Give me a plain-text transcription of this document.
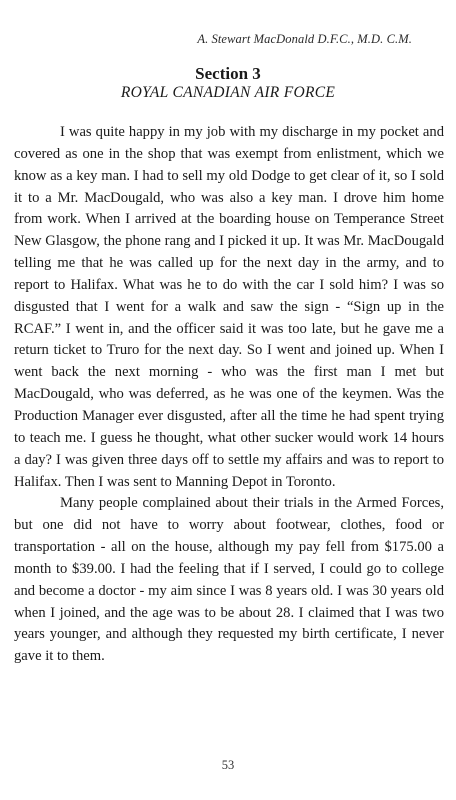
A. Stewart MacDonald D.F.C., M.D. C.M.
Section 3
ROYAL CANADIAN AIR FORCE

I was quite happy in my job with my discharge in my pocket and covered as one in the shop that was exempt from enlistment, which we know as a key man. I had to sell my old Dodge to get clear of it, so I sold it to a Mr. MacDougald, who was also a key man. I drove him home from work. When I arrived at the boarding house on Temperance Street New Glasgow, the phone rang and I picked it up. It was Mr. MacDougald telling me that he was called up for the next day in the army, and to report to Halifax. What was he to do with the car I sold him? I was so disgusted that I went for a walk and saw the sign - “Sign up in the RCAF.” I went in, and the officer said it was too late, but he gave me a return ticket to Truro for the next day. So I went and joined up. When I went back the next morning - who was the first man I met but MacDougald, who was deferred, as he was one of the keymen. Was the Production Manager ever disgusted, after all the time he had spent trying to teach me. I guess he thought, what other sucker would work 14 hours a day? I was given three days off to settle my affairs and was to report to Halifax. Then I was sent to Manning Depot in Toronto.

Many people complained about their trials in the Armed Forces, but one did not have to worry about footwear, clothes, food or transportation - all on the house, although my pay fell from $175.00 a month to $39.00. I had the feeling that if I served, I could go to college and become a doctor - my aim since I was 8 years old. I was 30 years old when I joined, and the age was to be about 28. I claimed that I was two years younger, and although they requested my birth certificate, I never gave it to them.

53
